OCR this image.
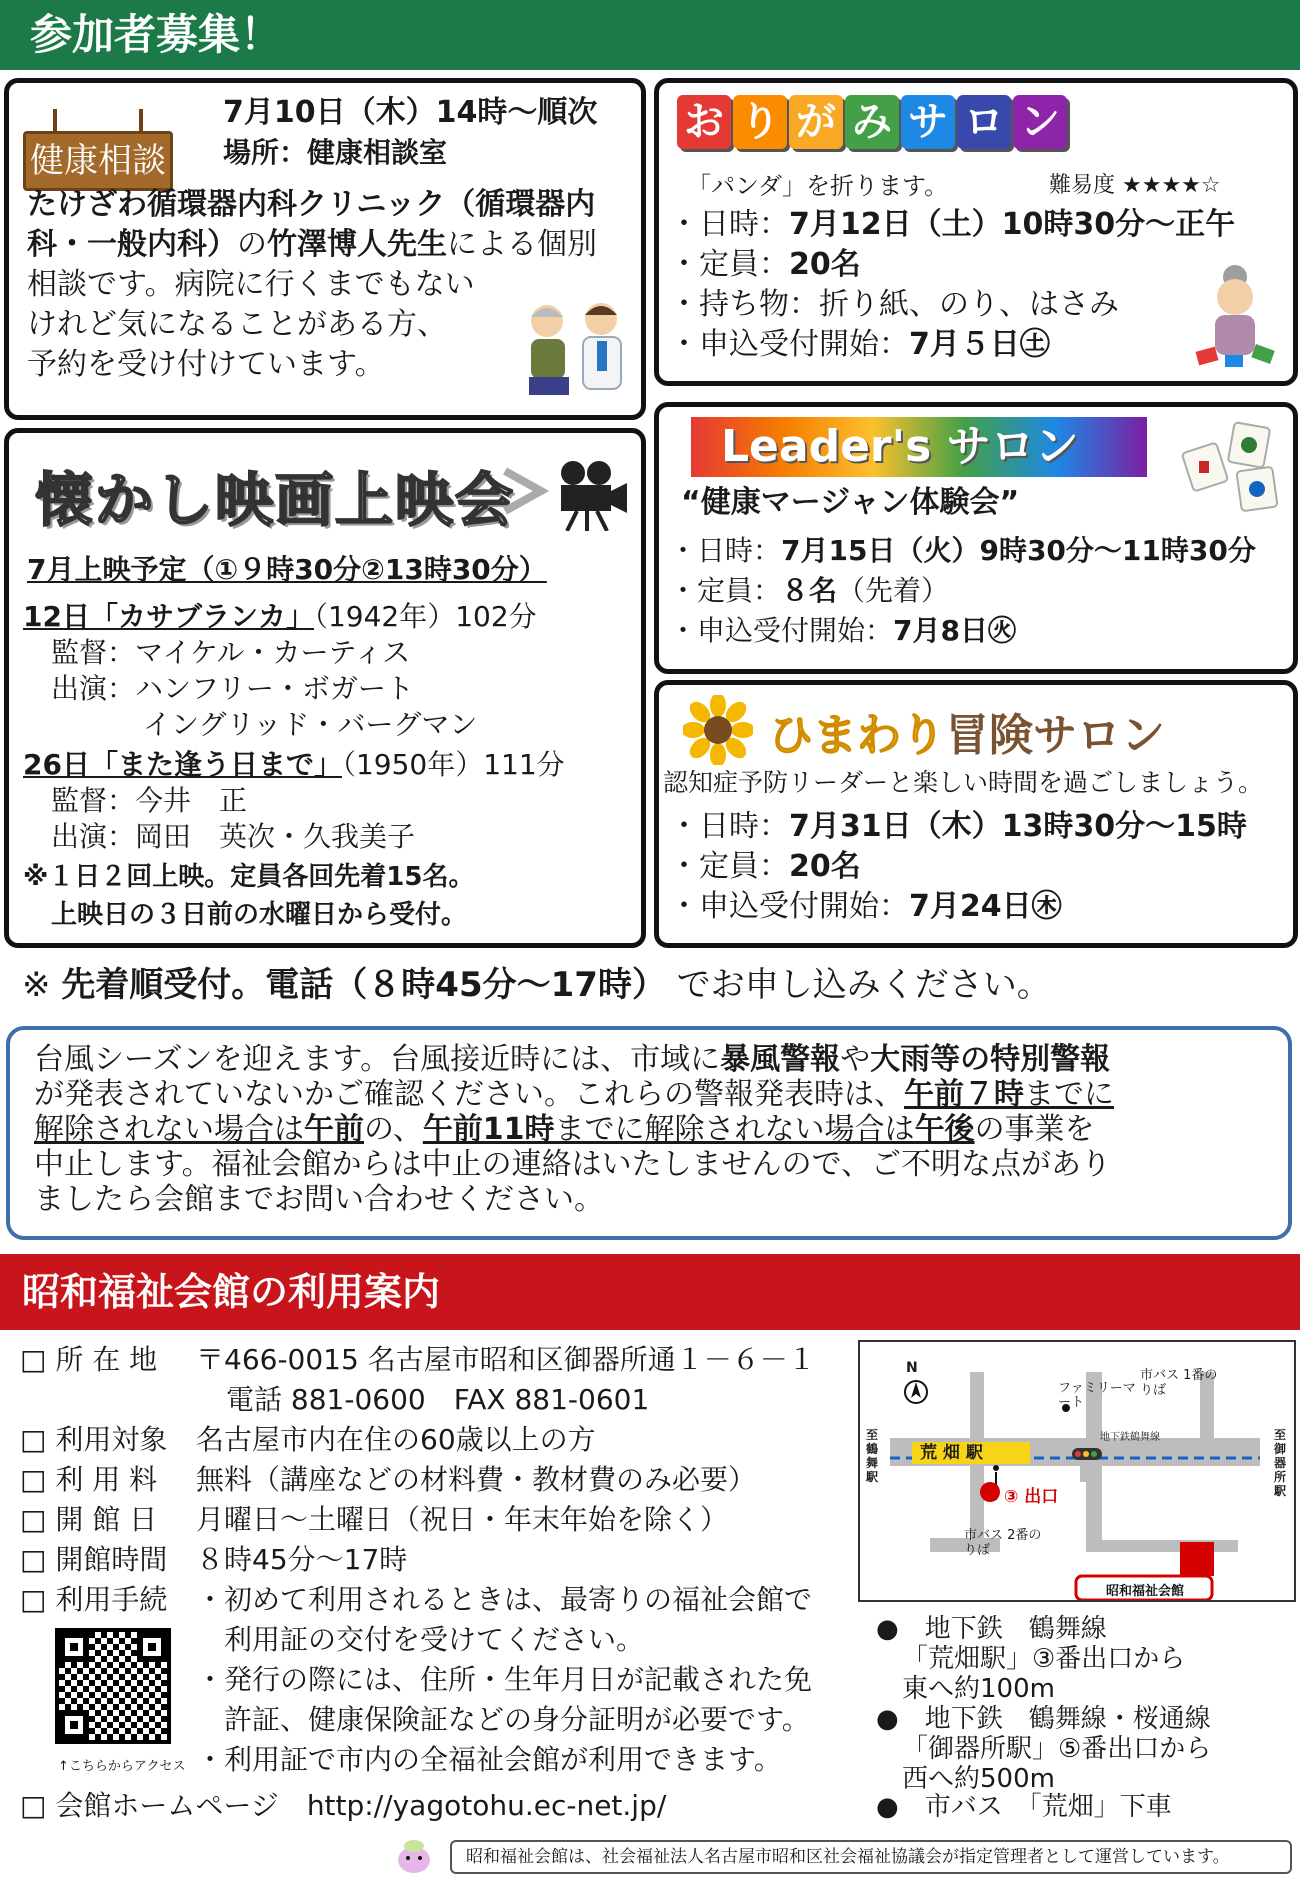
参加者募集！
健康相談
7月10日（木）14時～順次
場所：健康相談室
たけざわ循環器内科クリニック（循環器内
科・一般内科）の竹澤博人先生による個別
相談です。病院に行くまでもない
けれど気になることがある方、
予約を受け付けています。
お り が み サ ロ ン
「パンダ」を折ります。	難易度 ★★★★☆
・日時：7月12日（土）10時30分～正午
・定員：20名
・持ち物：折り紙、のり、はさみ
・申込受付開始：7月５日㊏
懐かし映画上映会
7月上映予定（①９時30分②13時30分）
12日「カサブランカ」（1942年）102分
監督：マイケル・カーティス
出演：ハンフリー・ボガート
イングリッド・バーグマン
26日「また逢う日まで」（1950年）111分
監督：今井　正
出演：岡田　英次・久我美子
※１日２回上映。定員各回先着15名。
上映日の３日前の水曜日から受付。
Leader's サロン
“健康マージャン体験会”
・日時：7月15日（火）9時30分～11時30分
・定員：８名（先着）
・申込受付開始：7月8日㊋
ひまわり冒険サロン
認知症予防リーダーと楽しい時間を過ごしましょう。
・日時：7月31日（木）13時30分～15時
・定員：20名
・申込受付開始：7月24日㊍
※ 先着順受付。電話（８時45分～17時） でお申し込みください。
台風シーズンを迎えます。台風接近時には、市域に暴風警報や大雨等の特別警報
が発表されていないかご確認ください。これらの警報発表時は、午前７時までに
解除されない場合は午前の、午前11時までに解除されない場合は午後の事業を
中止します。福祉会館からは中止の連絡はいたしませんので、ご不明な点があり
ましたら会館までお問い合わせください。
昭和福祉会館の利用案内
□ 所 在 地 〒466-0015 名古屋市昭和区御器所通１－６－１
電話 881-0600　FAX 881-0601
□ 利用対象 名古屋市内在住の60歳以上の方
□ 利 用 料 無料（講座などの材料費・教材費のみ必要）
□ 開 館 日 月曜日～土曜日（祝日・年末年始を除く）
□ 開館時間 ８時45分～17時
□ 利用手続 ・初めて利用されるときは、最寄りの福祉会館で
　利用証の交付を受けてください。
・発行の際には、住所・生年月日が記載された免
　許証、健康保険証などの身分証明が必要です。
・利用証で市内の全福祉会館が利用できます。
↑こちらからアクセス
□ 会館ホームページ　 http://yagotohu.ec-net.jp/
N
荒 畑 駅
③ 出口
ファミリーマート
市バス 1番のりば
市バス 2番のりば
地下鉄鶴舞線
至鶴舞駅
至御器所駅
昭和福祉会館
●　 地下鉄　鶴舞線
「荒畑駅」③番出口から
東へ約100m
●　 地下鉄　鶴舞線・桜通線
「御器所駅」⑤番出口から
西へ約500m
●　 市バス　「荒畑」下車
昭和福祉会館は、社会福祉法人名古屋市昭和区社会福祉協議会が指定管理者として運営しています。
